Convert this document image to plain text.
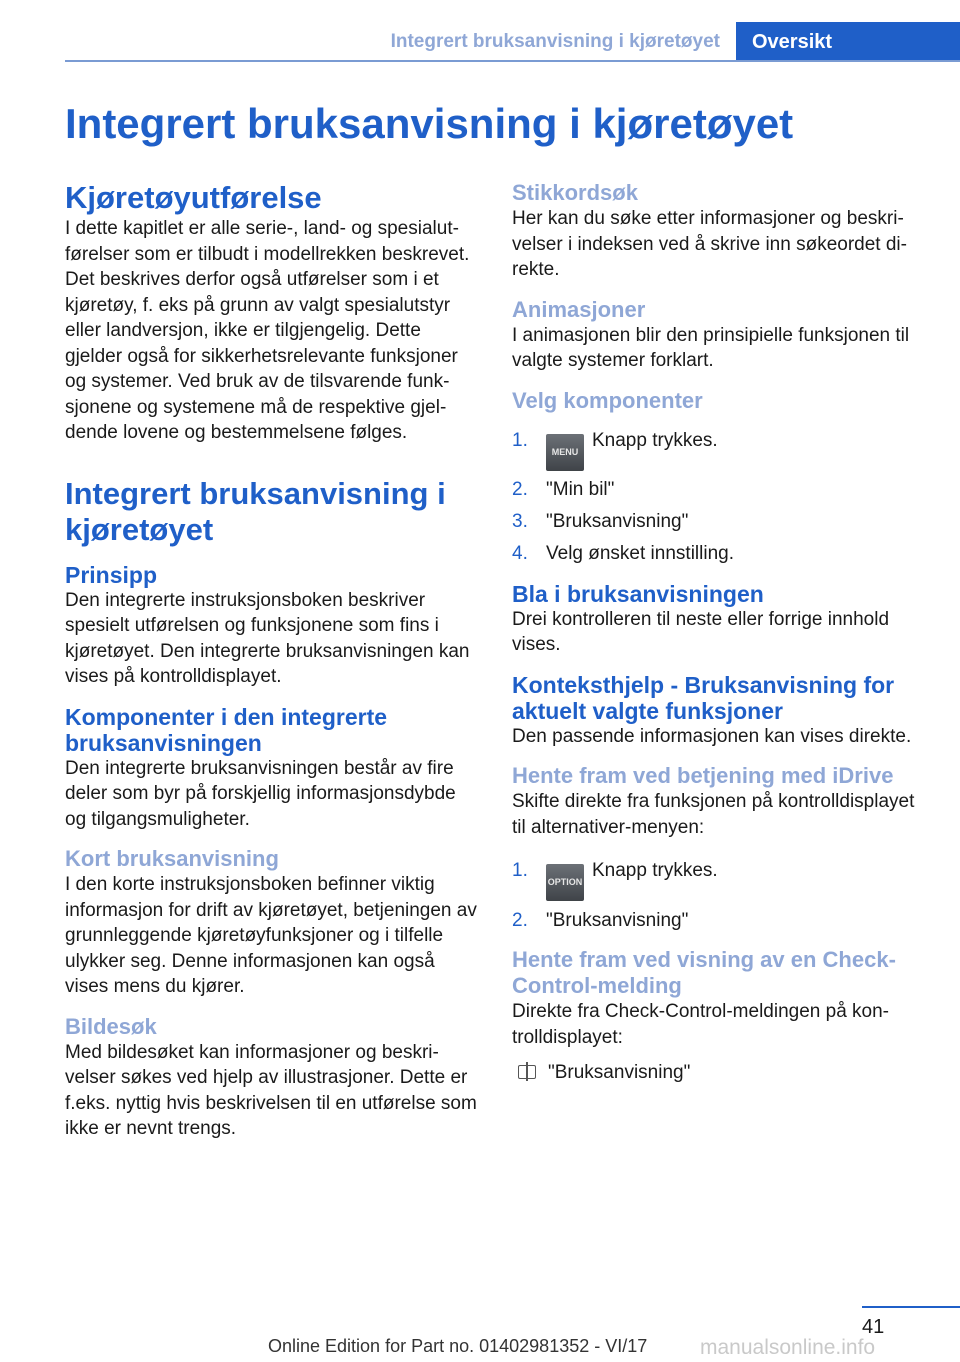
Integrert bruksanvisning i kjøretøyet	Oversikt
Integrert bruksanvisning i kjøretøyet
Kjøretøyutførelse

I dette kapitlet er alle serie-, land- og spesialutførelser som er tilbudt i modellrekken beskrevet. Det beskrives derfor også utførelser som i et kjøretøy, f. eks på grunn av valgt spesialutstyr eller landversjon, ikke er tilgjengelig. Dette gjelder også for sikkerhetsrelevante funksjoner og systemer. Ved bruk av de tilsvarende funksjonene og systemene må de respektive gjeldende lovene og bestemmelsene følges.

Integrert bruksanvisning i kjøretøyet
Prinsipp

Den integrerte instruksjonsboken beskriver spesielt utførelsen og funksjonene som fins i kjøretøyet. Den integrerte bruksanvisningen kan vises på kontrolldisplayet.

Komponenter i den integrerte bruksanvisningen

Den integrerte bruksanvisningen består av fire deler som byr på forskjellig informasjonsdybde og tilgangsmuligheter.

Kort bruksanvisning

I den korte instruksjonsboken befinner viktig informasjon for drift av kjøretøyet, betjeningen av grunnleggende kjøretøyfunksjoner og i tilfelle ulykker seg. Denne informasjonen kan også vises mens du kjører.

Bildesøk

Med bildesøket kan informasjoner og beskrivelser søkes ved hjelp av illustrasjoner. Dette er f.eks. nyttig hvis beskrivelsen til en utførelse som ikke er nevnt trengs.

Stikkordsøk

Her kan du søke etter informasjoner og beskrivelser i indeksen ved å skrive inn søkeordet direkte.

Animasjoner

I animasjonen blir den prinsipielle funksjonen til valgte systemer forklart.

Velg komponenter
1.
MENUKnapp trykkes.
2. "Min bil"
3. "Bruksanvisning"
4. Velg ønsket innstilling.
Bla i bruksanvisningen

Drei kontrolleren til neste eller forrige innhold vises.

Konteksthjelp - Bruksanvisning for aktuelt valgte funksjoner

Den passende informasjonen kan vises direkte.

Hente fram ved betjening med iDrive

Skifte direkte fra funksjonen på kontrolldisplayet til alternativer-menyen:

1.
OPTIONKnapp trykkes.
2. "Bruksanvisning"
Hente fram ved visning av en Check-Control-melding

Direkte fra Check-Control-meldingen på kontrolldisplayet:

"Bruksanvisning"
41
Online Edition for Part no. 01402981352 - VI/17	manualsonline.info
